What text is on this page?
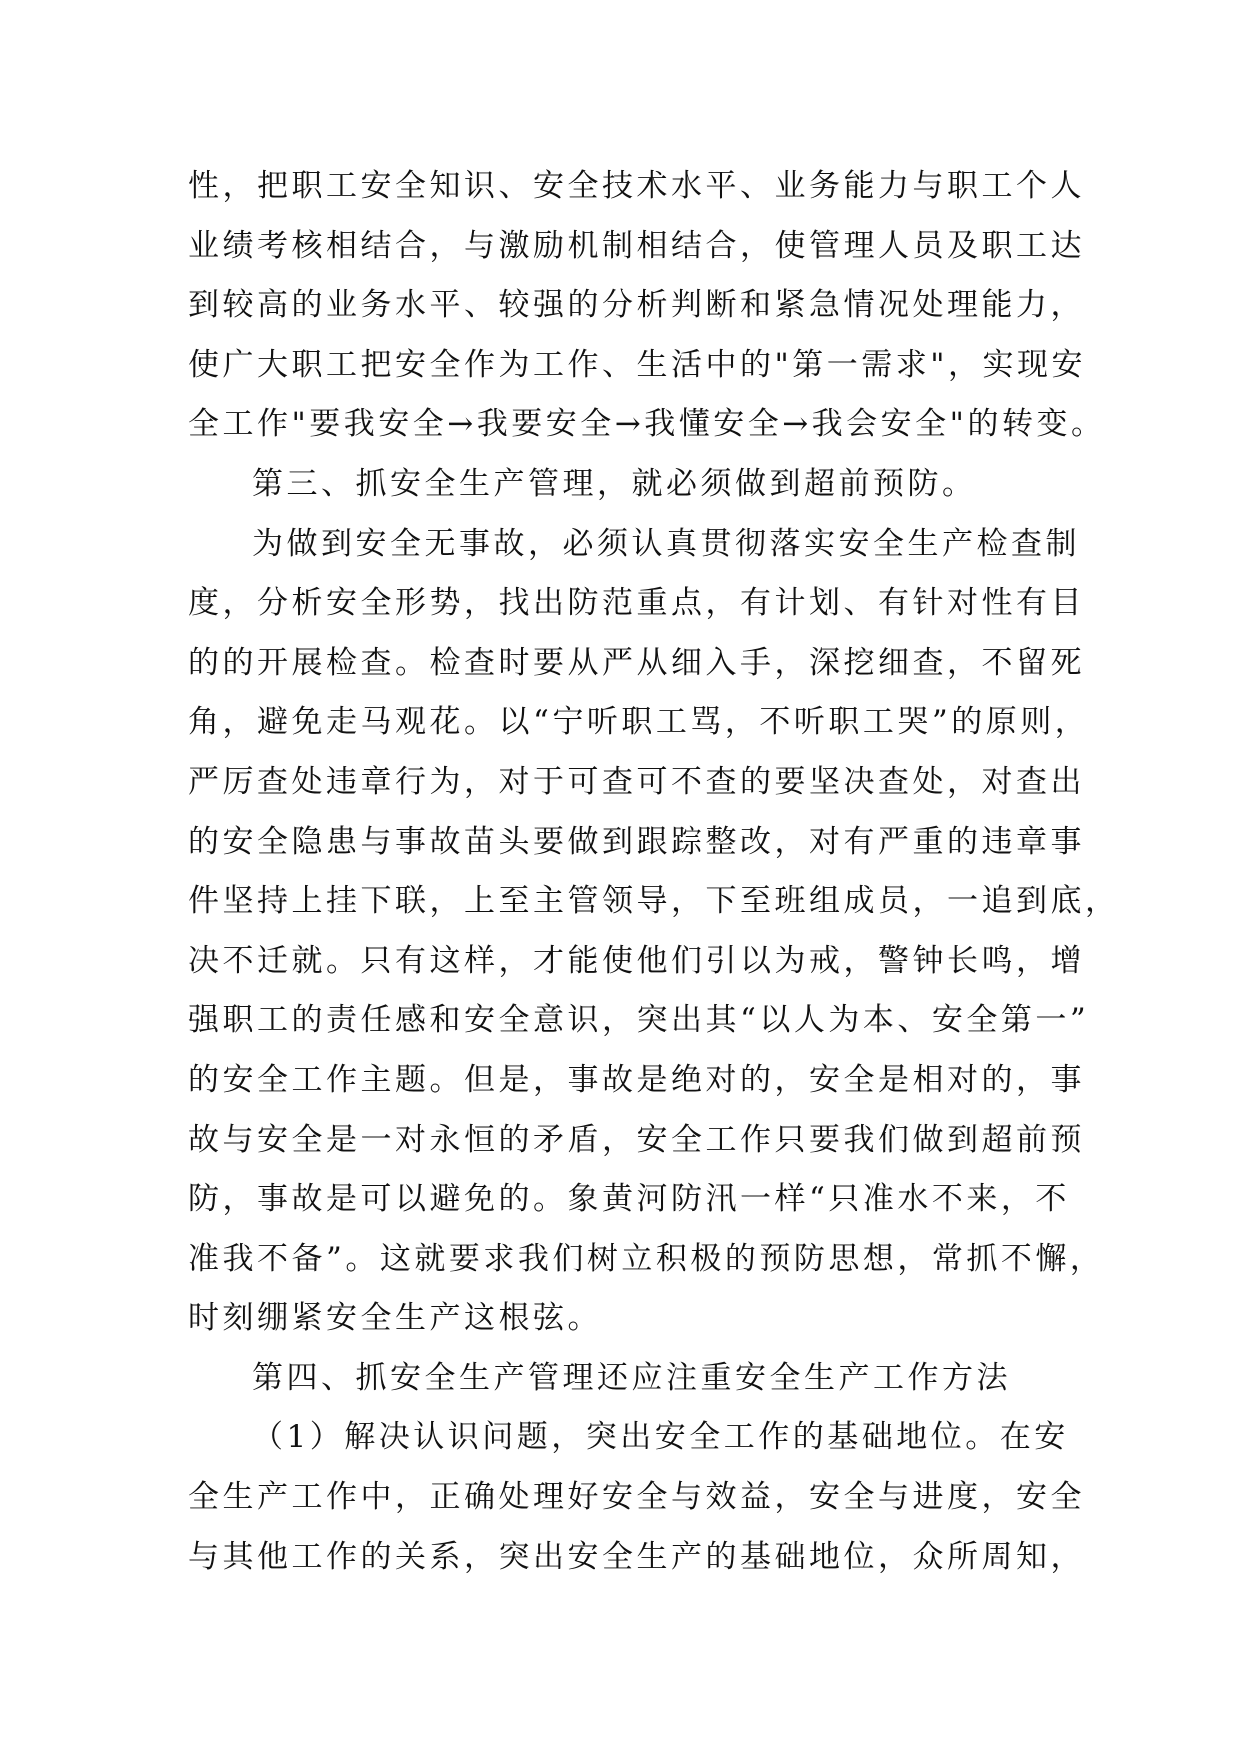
性，把职工安全知识、安全技术水平、业务能力与职工个人
业绩考核相结合，与激励机制相结合，使管理人员及职工达
到较高的业务水平、较强的分析判断和紧急情况处理能力，
使广大职工把安全作为工作、生活中的"第一需求"，实现安
全工作"要我安全→我要安全→我懂安全→我会安全"的转变。
第三、抓安全生产管理，就必须做到超前预防。
为做到安全无事故，必须认真贯彻落实安全生产检查制
度，分析安全形势，找出防范重点，有计划、有针对性有目
的的开展检查。检查时要从严从细入手，深挖细查，不留死
角，避免走马观花。以“宁听职工骂，不听职工哭”的原则，
严厉查处违章行为，对于可查可不查的要坚决查处，对查出
的安全隐患与事故苗头要做到跟踪整改，对有严重的违章事
件坚持上挂下联，上至主管领导，下至班组成员，一追到底，
决不迁就。只有这样，才能使他们引以为戒，警钟长鸣，增
强职工的责任感和安全意识，突出其“以人为本、安全第一”
的安全工作主题。但是，事故是绝对的，安全是相对的，事
故与安全是一对永恒的矛盾，安全工作只要我们做到超前预
防，事故是可以避免的。象黄河防汛一样“只准水不来，不
准我不备”。这就要求我们树立积极的预防思想，常抓不懈，
时刻绷紧安全生产这根弦。
第四、抓安全生产管理还应注重安全生产工作方法
（1）解决认识问题，突出安全工作的基础地位。在安
全生产工作中，正确处理好安全与效益，安全与进度，安全
与其他工作的关系，突出安全生产的基础地位，众所周知，
